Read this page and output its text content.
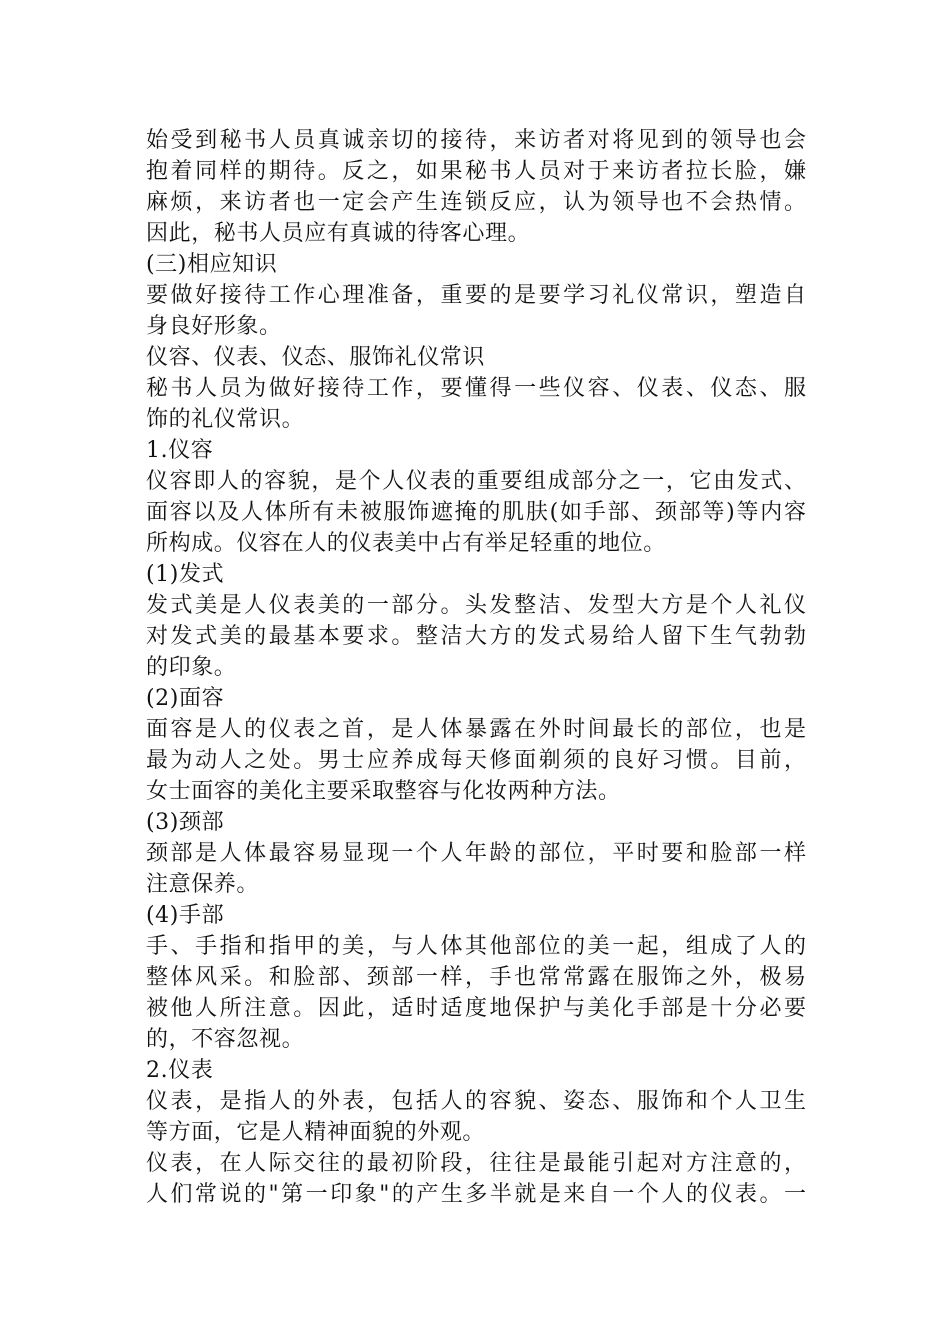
始受到秘书人员真诚亲切的接待，来访者对将见到的领导也会
抱着同样的期待。反之，如果秘书人员对于来访者拉长脸，嫌
麻烦，来访者也一定会产生连锁反应，认为领导也不会热情。
因此，秘书人员应有真诚的待客心理。
(三)相应知识
要做好接待工作心理准备，重要的是要学习礼仪常识，塑造自
身良好形象。
仪容、仪表、仪态、服饰礼仪常识
秘书人员为做好接待工作，要懂得一些仪容、仪表、仪态、服
饰的礼仪常识。
1.仪容
仪容即人的容貌，是个人仪表的重要组成部分之一，它由发式、
面容以及人体所有未被服饰遮掩的肌肤(如手部、颈部等)等内容
所构成。仪容在人的仪表美中占有举足轻重的地位。
(1)发式
发式美是人仪表美的一部分。头发整洁、发型大方是个人礼仪
对发式美的最基本要求。整洁大方的发式易给人留下生气勃勃
的印象。
(2)面容
面容是人的仪表之首，是人体暴露在外时间最长的部位，也是
最为动人之处。男士应养成每天修面剃须的良好习惯。目前，
女士面容的美化主要采取整容与化妆两种方法。
(3)颈部
颈部是人体最容易显现一个人年龄的部位，平时要和脸部一样
注意保养。
(4)手部
手、手指和指甲的美，与人体其他部位的美一起，组成了人的
整体风采。和脸部、颈部一样，手也常常露在服饰之外，极易
被他人所注意。因此，适时适度地保护与美化手部是十分必要
的，不容忽视。
2.仪表
仪表，是指人的外表，包括人的容貌、姿态、服饰和个人卫生
等方面，它是人精神面貌的外观。
仪表，在人际交往的最初阶段，往往是最能引起对方注意的，
人们常说的"第一印象"的产生多半就是来自一个人的仪表。一
